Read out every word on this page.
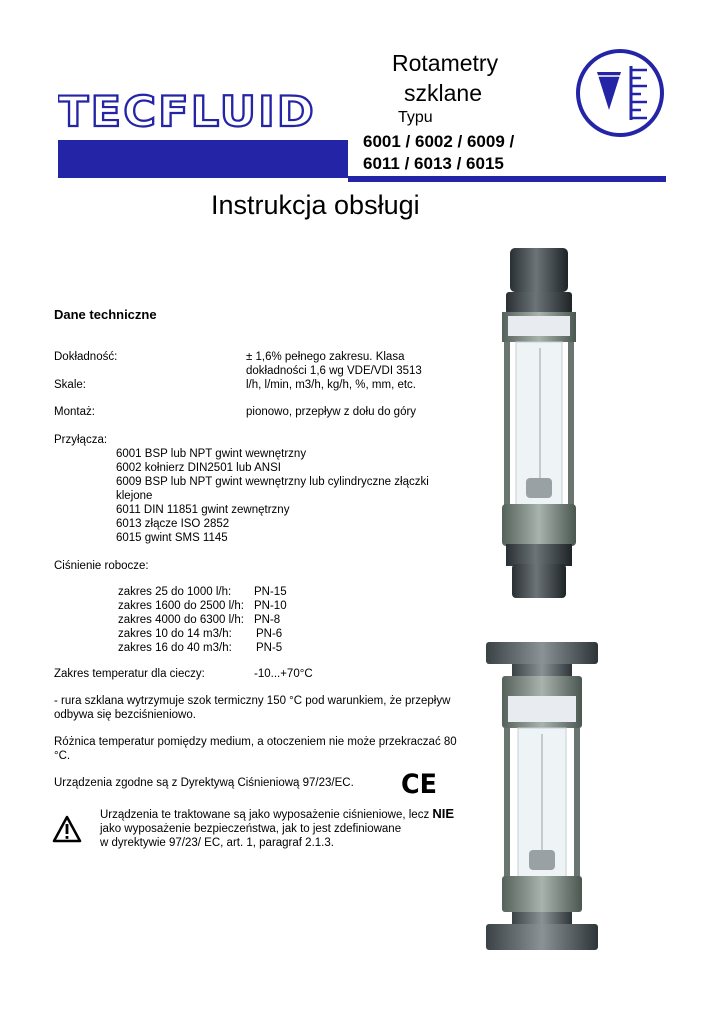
TECFLUID
Rotametry
szklane
Typu
6001 / 6002 / 6009 /
6011 / 6013 / 6015
Instrukcja obsługi
Dane techniczne
Dokładność:	± 1,6% pełnego zakresu. Klasa
dokładności 1,6 wg VDE/VDI 3513
Skale:	l/h, l/min, m3/h, kg/h, %, mm, etc.
Montaż:	pionowo, przepływ z dołu do góry
Przyłącza:
6001 BSP lub NPT gwint wewnętrzny
6002 kołnierz DIN2501 lub ANSI
6009 BSP lub NPT gwint wewnętrzny lub cylindryczne złączki
klejone
6011 DIN 11851 gwint zewnętrzny
6013 złącze ISO 2852
6015 gwint SMS 1145
Ciśnienie robocze:
zakres 25 do 1000 l/h: PN-15
zakres 1600 do 2500 l/h: PN-10
zakres 4000 do 6300 l/h: PN-8
zakres 10 do 14 m3/h: PN-6
zakres 16 do 40 m3/h: PN-5
Zakres temperatur dla cieczy:	-10...+70°C
- rura szklana wytrzymuje szok termiczny 150 °C pod warunkiem, że przepływ odbywa się bezciśnieniowo.
Różnica temperatur pomiędzy medium, a otoczeniem nie może przekraczać 80 °C.
Urządzenia zgodne są z Dyrektywą Ciśnieniową 97/23/EC. CE
Urządzenia te traktowane są jako wyposażenie ciśnieniowe, lecz NIE
jako wyposażenie bezpieczeństwa, jak to jest zdefiniowane
w dyrektywie 97/23/ EC, art. 1, paragraf 2.1.3.
